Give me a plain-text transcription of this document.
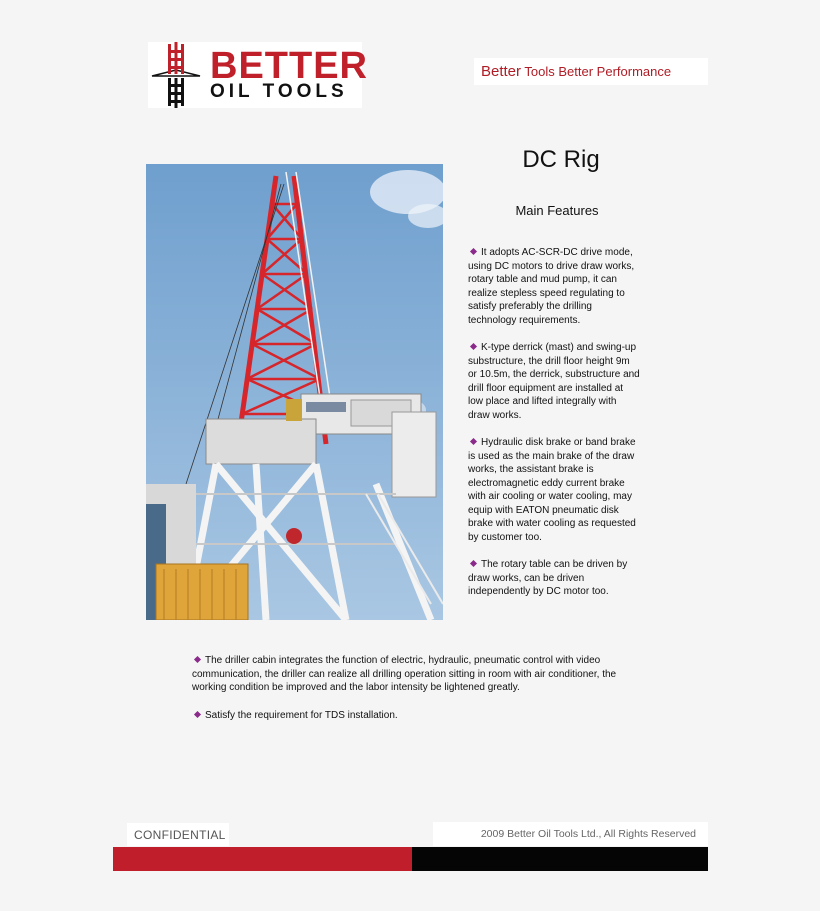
BETTER
OIL TOOLS
Better Tools Better Performance
DC Rig
Main Features

It adopts AC-SCR-DC drive mode, using DC motors to drive draw works, rotary table and mud pump, it can realize stepless speed regulating to satisfy preferably the drilling technology requirements.

K-type derrick (mast) and swing-up substructure, the drill floor height 9m or 10.5m, the derrick, substructure and drill floor equipment are installed at low place and lifted integrally with draw works.

Hydraulic disk brake or band brake is used as the main brake of the draw works, the assistant brake is electromagnetic eddy current brake with air cooling or water cooling, may equip with EATON pneumatic disk brake with water cooling as requested by customer too.

The rotary table can be driven by draw works, can be driven independently by DC motor too.

The driller cabin integrates the function of electric, hydraulic, pneumatic control with video communication, the driller can realize all drilling operation sitting in room with air conditioner, the working condition be improved and the labor intensity be lightened greatly.

Satisfy the requirement for TDS installation.

CONFIDENTIAL	2009 Better Oil Tools Ltd., All Rights Reserved
